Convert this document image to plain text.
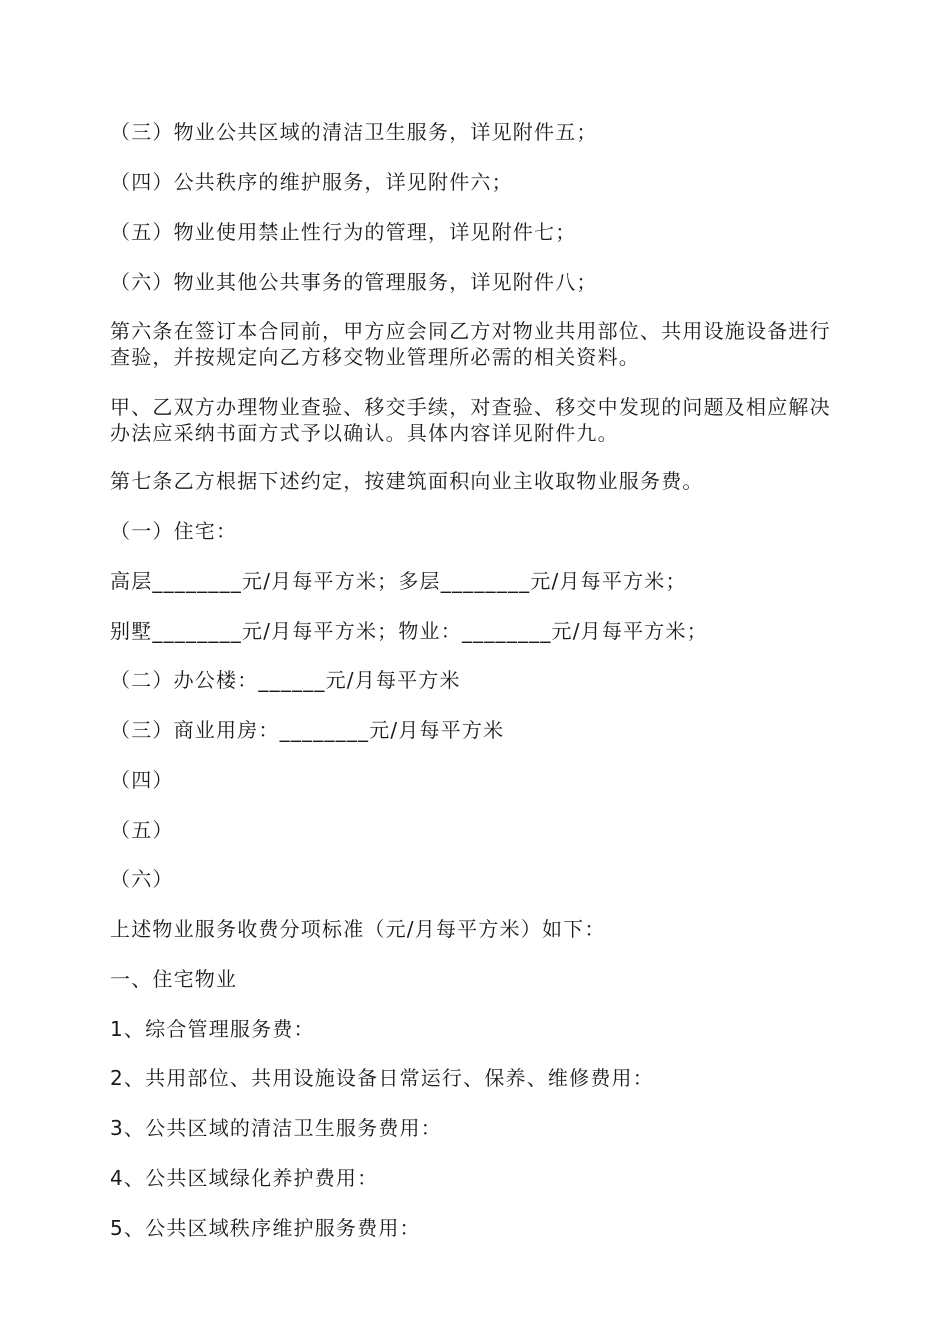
（三）物业公共区域的清洁卫生服务，详见附件五；

（四）公共秩序的维护服务，详见附件六；

（五）物业使用禁止性行为的管理，详见附件七；

（六）物业其他公共事务的管理服务，详见附件八；

第六条在签订本合同前，甲方应会同乙方对物业共用部位、共用设施设备进行查验，并按规定向乙方移交物业管理所必需的相关资料。

甲、乙双方办理物业查验、移交手续，对查验、移交中发现的问题及相应解决办法应采纳书面方式予以确认。具体内容详见附件九。

第七条乙方根据下述约定，按建筑面积向业主收取物业服务费。

（一）住宅：

高层________元/月每平方米；多层________元/月每平方米；

别墅________元/月每平方米；物业：________元/月每平方米；

（二）办公楼：______元/月每平方米

（三）商业用房：________元/月每平方米

（四）

（五）

（六）

上述物业服务收费分项标准（元/月每平方米）如下：

一、住宅物业

1、综合管理服务费：

2、共用部位、共用设施设备日常运行、保养、维修费用：

3、公共区域的清洁卫生服务费用：

4、公共区域绿化养护费用：

5、公共区域秩序维护服务费用：
